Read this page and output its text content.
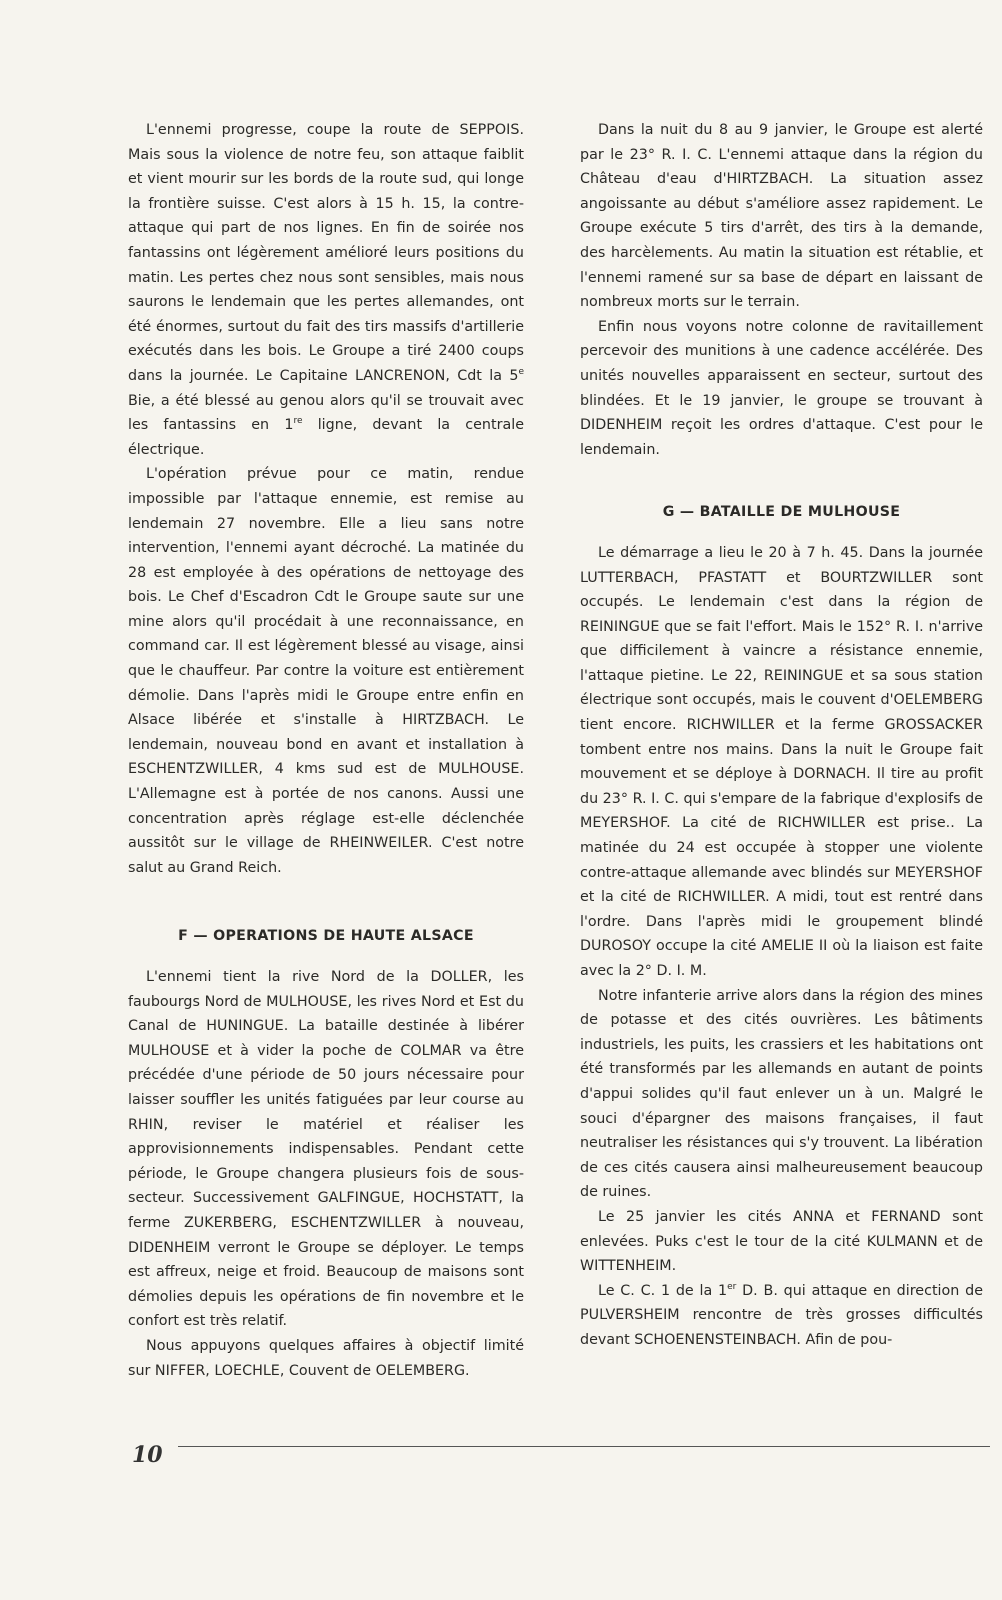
L'ennemi progresse, coupe la route de SEPPOIS. Mais sous la violence de notre feu, son attaque faiblit et vient mourir sur les bords de la route sud, qui longe la frontière suisse. C'est alors à 15 h. 15, la contre-attaque qui part de nos lignes. En fin de soirée nos fantassins ont légèrement amélioré leurs positions du matin. Les pertes chez nous sont sensibles, mais nous saurons le lendemain que les pertes allemandes, ont été énormes, surtout du fait des tirs massifs d'artillerie exécutés dans les bois. Le Groupe a tiré 2400 coups dans la journée. Le Capitaine LANCRENON, Cdt la 5e Bie, a été blessé au genou alors qu'il se trouvait avec les fantassins en 1re ligne, devant la centrale électrique.

L'opération prévue pour ce matin, rendue impossible par l'attaque ennemie, est remise au lendemain 27 novembre. Elle a lieu sans notre intervention, l'ennemi ayant décroché. La matinée du 28 est employée à des opérations de nettoyage des bois. Le Chef d'Escadron Cdt le Groupe saute sur une mine alors qu'il procédait à une reconnaissance, en command car. Il est légèrement blessé au visage, ainsi que le chauffeur. Par contre la voiture est entièrement démolie. Dans l'après midi le Groupe entre enfin en Alsace libérée et s'installe à HIRTZBACH. Le lendemain, nouveau bond en avant et installation à ESCHENTZWILLER, 4 kms sud est de MULHOUSE. L'Allemagne est à portée de nos canons. Aussi une concentration après réglage est-elle déclenchée aussitôt sur le village de RHEINWEILER. C'est notre salut au Grand Reich.

F — OPERATIONS DE HAUTE ALSACE

L'ennemi tient la rive Nord de la DOLLER, les faubourgs Nord de MULHOUSE, les rives Nord et Est du Canal de HUNINGUE. La bataille destinée à libérer MULHOUSE et à vider la poche de COLMAR va être précédée d'une période de 50 jours nécessaire pour laisser souffler les unités fatiguées par leur course au RHIN, reviser le matériel et réaliser les approvisionnements indispensables. Pendant cette période, le Groupe changera plusieurs fois de sous-secteur. Successivement GALFINGUE, HOCHSTATT, la ferme ZUKERBERG, ESCHENTZWILLER à nouveau, DIDENHEIM verront le Groupe se déployer. Le temps est affreux, neige et froid. Beaucoup de maisons sont démolies depuis les opérations de fin novembre et le confort est très relatif.

Nous appuyons quelques affaires à objectif limité sur NIFFER, LOECHLE, Couvent de OELEMBERG.

Dans la nuit du 8 au 9 janvier, le Groupe est alerté par le 23° R. I. C. L'ennemi attaque dans la région du Château d'eau d'HIRTZBACH. La situation assez angoissante au début s'améliore assez rapidement. Le Groupe exécute 5 tirs d'arrêt, des tirs à la demande, des harcèlements. Au matin la situation est rétablie, et l'ennemi ramené sur sa base de départ en laissant de nombreux morts sur le terrain.

Enfin nous voyons notre colonne de ravitaillement percevoir des munitions à une cadence accélérée. Des unités nouvelles apparaissent en secteur, surtout des blindées. Et le 19 janvier, le groupe se trouvant à DIDENHEIM reçoit les ordres d'attaque. C'est pour le lendemain.

G — BATAILLE DE MULHOUSE

Le démarrage a lieu le 20 à 7 h. 45. Dans la journée LUTTERBACH, PFASTATT et BOURTZWILLER sont occupés. Le lendemain c'est dans la région de REININGUE que se fait l'effort. Mais le 152° R. I. n'arrive que difficilement à vaincre a résistance ennemie, l'attaque pietine. Le 22, REININGUE et sa sous station électrique sont occupés, mais le couvent d'OELEMBERG tient encore. RICHWILLER et la ferme GROSSACKER tombent entre nos mains. Dans la nuit le Groupe fait mouvement et se déploye à DORNACH. Il tire au profit du 23° R. I. C. qui s'empare de la fabrique d'explosifs de MEYERSHOF. La cité de RICHWILLER est prise.. La matinée du 24 est occupée à stopper une violente contre-attaque allemande avec blindés sur MEYERSHOF et la cité de RICHWILLER. A midi, tout est rentré dans l'ordre. Dans l'après midi le groupement blindé DUROSOY occupe la cité AMELIE II où la liaison est faite avec la 2° D. I. M.

Notre infanterie arrive alors dans la région des mines de potasse et des cités ouvrières. Les bâtiments industriels, les puits, les crassiers et les habitations ont été transformés par les allemands en autant de points d'appui solides qu'il faut enlever un à un. Malgré le souci d'épargner des maisons françaises, il faut neutraliser les résistances qui s'y trouvent. La libération de ces cités causera ainsi malheureusement beaucoup de ruines.

Le 25 janvier les cités ANNA et FERNAND sont enlevées. Puks c'est le tour de la cité KULMANN et de WITTENHEIM.

Le C. C. 1 de la 1er D. B. qui attaque en direction de PULVERSHEIM rencontre de très grosses difficultés devant SCHOENENSTEINBACH. Afin de pou-

10
